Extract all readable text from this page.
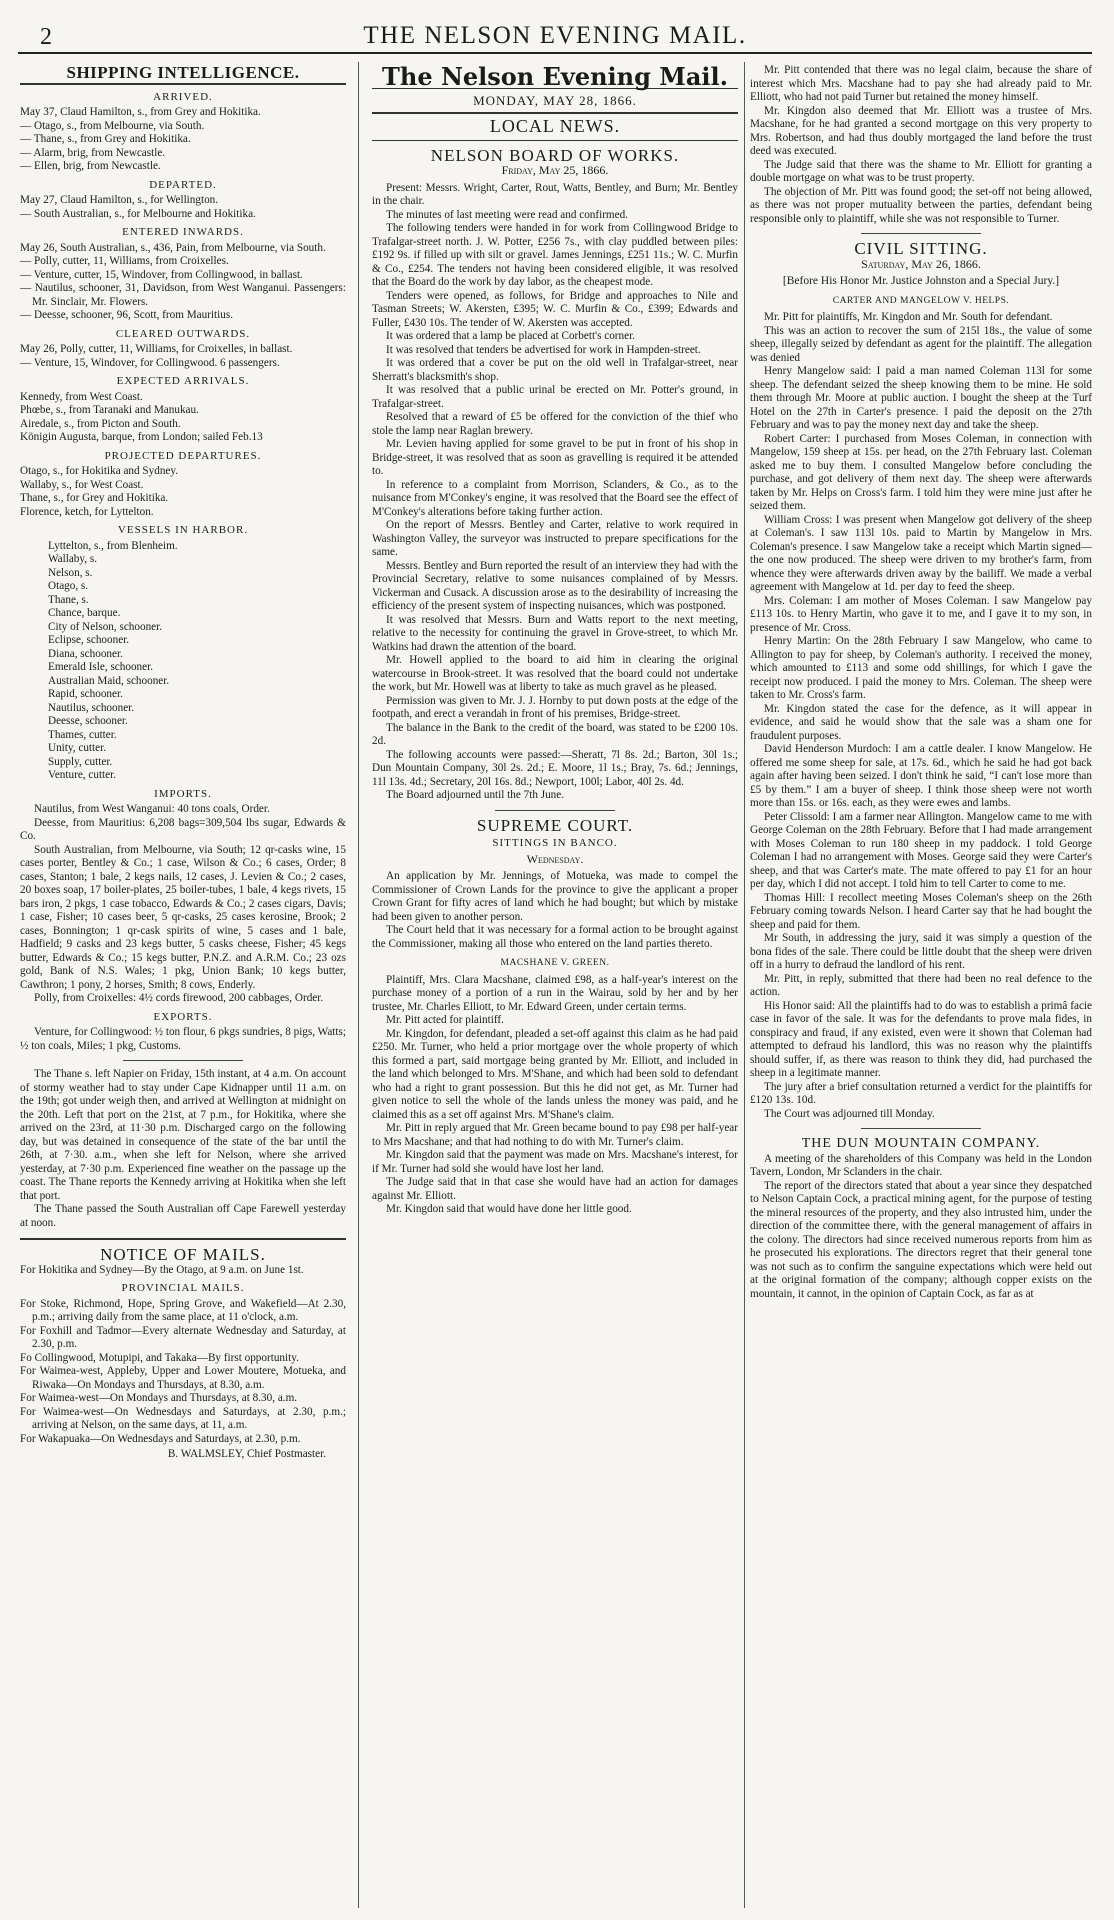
2	THE NELSON EVENING MAIL.
SHIPPING INTELLIGENCE.
ARRIVED.

May 37, Claud Hamilton, s., from Grey and Hokitika.

— Otago, s., from Melbourne, via South.

— Thane, s., from Grey and Hokitika.

— Alarm, brig, from Newcastle.

— Ellen, brig, from Newcastle.

DEPARTED.

May 27, Claud Hamilton, s., for Wellington.

— South Australian, s., for Melbourne and Hokitika.

ENTERED INWARDS.

May 26, South Australian, s., 436, Pain, from Melbourne, via South.

— Polly, cutter, 11, Williams, from Croixelles.

— Venture, cutter, 15, Windover, from Collingwood, in ballast.

— Nautilus, schooner, 31, Davidson, from West Wanganui. Passengers: Mr. Sinclair, Mr. Flowers.

— Deesse, schooner, 96, Scott, from Mauritius.

CLEARED OUTWARDS.

May 26, Polly, cutter, 11, Williams, for Croixelles, in ballast.

— Venture, 15, Windover, for Collingwood. 6 passengers.

EXPECTED ARRIVALS.

Kennedy, from West Coast.

Phœbe, s., from Taranaki and Manukau.

Airedale, s., from Picton and South.

Königin Augusta, barque, from London; sailed Feb.13

PROJECTED DEPARTURES.

Otago, s., for Hokitika and Sydney.

Wallaby, s., for West Coast.

Thane, s., for Grey and Hokitika.

Florence, ketch, for Lyttelton.

VESSELS IN HARBOR.

Lyttelton, s., from Blenheim.

Wallaby, s.

Nelson, s.

Otago, s.

Thane, s.

Chance, barque.

City of Nelson, schooner.

Eclipse, schooner.

Diana, schooner.

Emerald Isle, schooner.

Australian Maid, schooner.

Rapid, schooner.

Nautilus, schooner.

Deesse, schooner.

Thames, cutter.

Unity, cutter.

Supply, cutter.

Venture, cutter.

IMPORTS.

Nautilus, from West Wanganui: 40 tons coals, Order.

Deesse, from Mauritius: 6,208 bags=309,504 lbs sugar, Edwards & Co.

South Australian, from Melbourne, via South; 12 qr-casks wine, 15 cases porter, Bentley & Co.; 1 case, Wilson & Co.; 6 cases, Order; 8 cases, Stanton; 1 bale, 2 kegs nails, 12 cases, J. Levien & Co.; 2 cases, 20 boxes soap, 17 boiler-plates, 25 boiler-tubes, 1 bale, 4 kegs rivets, 15 bars iron, 2 pkgs, 1 case tobacco, Edwards & Co.; 2 cases cigars, Davis; 1 case, Fisher; 10 cases beer, 5 qr-casks, 25 cases kerosine, Brook; 2 cases, Bonnington; 1 qr-cask spirits of wine, 5 cases and 1 bale, Hadfield; 9 casks and 23 kegs butter, 5 casks cheese, Fisher; 45 kegs butter, Edwards & Co.; 15 kegs butter, P.N.Z. and A.R.M. Co.; 23 ozs gold, Bank of N.S. Wales; 1 pkg, Union Bank; 10 kegs butter, Cawthron; 1 pony, 2 horses, Smith; 8 cows, Enderly.

Polly, from Croixelles: 4½ cords firewood, 200 cabbages, Order.

EXPORTS.

Venture, for Collingwood: ½ ton flour, 6 pkgs sundries, 8 pigs, Watts; ½ ton coals, Miles; 1 pkg, Customs.

The Thane s. left Napier on Friday, 15th instant, at 4 a.m. On account of stormy weather had to stay under Cape Kidnapper until 11 a.m. on the 19th; got under weigh then, and arrived at Wellington at midnight on the 20th. Left that port on the 21st, at 7 p.m., for Hokitika, where she arrived on the 23rd, at 11·30 p.m. Discharged cargo on the following day, but was detained in consequence of the state of the bar until the 26th, at 7·30. a.m., when she left for Nelson, where she arrived yesterday, at 7·30 p.m. Experienced fine weather on the passage up the coast. The Thane reports the Kennedy arriving at Hokitika when she left that port.

The Thane passed the South Australian off Cape Farewell yesterday at noon.

NOTICE OF MAILS.

For Hokitika and Sydney—By the Otago, at 9 a.m. on June 1st.

PROVINCIAL MAILS.

For Stoke, Richmond, Hope, Spring Grove, and Wakefield—At 2.30, p.m.; arriving daily from the same place, at 11 o'clock, a.m.

For Foxhill and Tadmor—Every alternate Wednesday and Saturday, at 2.30, p.m.

Fo Collingwood, Motupipi, and Takaka—By first opportunity.

For Waimea-west, Appleby, Upper and Lower Moutere, Motueka, and Riwaka—On Mondays and Thursdays, at 8.30, a.m.

For Waimea-west—On Mondays and Thursdays, at 8.30, a.m.

For Waimea-west—On Wednesdays and Saturdays, at 2.30, p.m.; arriving at Nelson, on the same days, at 11, a.m.

For Wakapuaka—On Wednesdays and Saturdays, at 2.30, p.m.

B. WALMSLEY, Chief Postmaster.
The Nelson Evening Mail.
MONDAY, MAY 28, 1866.
LOCAL NEWS.
NELSON BOARD OF WORKS.
Friday, May 25, 1866.

Present: Messrs. Wright, Carter, Rout, Watts, Bentley, and Burn; Mr. Bentley in the chair.

The minutes of last meeting were read and confirmed.

The following tenders were handed in for work from Collingwood Bridge to Trafalgar-street north. J. W. Potter, £256 7s., with clay puddled between piles: £192 9s. if filled up with silt or gravel. James Jennings, £251 11s.; W. C. Murfin & Co., £254. The tenders not having been considered eligible, it was resolved that the Board do the work by day labor, as the cheapest mode.

Tenders were opened, as follows, for Bridge and approaches to Nile and Tasman Streets; W. Akersten, £395; W. C. Murfin & Co., £399; Edwards and Fuller, £430 10s. The tender of W. Akersten was accepted.

It was ordered that a lamp be placed at Corbett's corner.

It was resolved that tenders be advertised for work in Hampden-street.

It was ordered that a cover be put on the old well in Trafalgar-street, near Sherratt's blacksmith's shop.

It was resolved that a public urinal be erected on Mr. Potter's ground, in Trafalgar-street.

Resolved that a reward of £5 be offered for the conviction of the thief who stole the lamp near Raglan brewery.

Mr. Levien having applied for some gravel to be put in front of his shop in Bridge-street, it was resolved that as soon as gravelling is required it be attended to.

In reference to a complaint from Morrison, Sclanders, & Co., as to the nuisance from M'Conkey's engine, it was resolved that the Board see the effect of M'Conkey's alterations before taking further action.

On the report of Messrs. Bentley and Carter, relative to work required in Washington Valley, the surveyor was instructed to prepare specifications for the same.

Messrs. Bentley and Burn reported the result of an interview they had with the Provincial Secretary, relative to some nuisances complained of by Messrs. Vickerman and Cusack. A discussion arose as to the desirability of increasing the efficiency of the present system of inspecting nuisances, which was postponed.

It was resolved that Messrs. Burn and Watts report to the next meeting, relative to the necessity for continuing the gravel in Grove-street, to which Mr. Watkins had drawn the attention of the board.

Mr. Howell applied to the board to aid him in clearing the original watercourse in Brook-street. It was resolved that the board could not undertake the work, but Mr. Howell was at liberty to take as much gravel as he pleased.

Permission was given to Mr. J. J. Hornby to put down posts at the edge of the footpath, and erect a verandah in front of his premises, Bridge-street.

The balance in the Bank to the credit of the board, was stated to be £200 10s. 2d.

The following accounts were passed:—Sheratt, 7l 8s. 2d.; Barton, 30l 1s.; Dun Mountain Company, 30l 2s. 2d.; E. Moore, 1l 1s.; Bray, 7s. 6d.; Jennings, 11l 13s. 4d.; Secretary, 20l 16s. 8d.; Newport, 100l; Labor, 40l 2s. 4d.

The Board adjourned until the 7th June.

SUPREME COURT.
SITTINGS IN BANCO.
Wednesday.

An application by Mr. Jennings, of Motueka, was made to compel the Commissioner of Crown Lands for the province to give the applicant a proper Crown Grant for fifty acres of land which he had bought; but which by mistake had been given to another person.

The Court held that it was necessary for a formal action to be brought against the Commissioner, making all those who entered on the land parties thereto.

MACSHANE V. GREEN.

Plaintiff, Mrs. Clara Macshane, claimed £98, as a half-year's interest on the purchase money of a portion of a run in the Wairau, sold by her and by her trustee, Mr. Charles Elliott, to Mr. Edward Green, under certain terms.

Mr. Pitt acted for plaintiff.

Mr. Kingdon, for defendant, pleaded a set-off against this claim as he had paid £250. Mr. Turner, who held a prior mortgage over the whole property of which this formed a part, said mortgage being granted by Mr. Elliott, and included in the land which belonged to Mrs. M'Shane, and which had been sold to defendant who had a right to grant possession. But this he did not get, as Mr. Turner had given notice to sell the whole of the lands unless the money was paid, and he claimed this as a set off against Mrs. M'Shane's claim.

Mr. Pitt in reply argued that Mr. Green became bound to pay £98 per half-year to Mrs Macshane; and that had nothing to do with Mr. Turner's claim.

Mr. Kingdon said that the payment was made on Mrs. Macshane's interest, for if Mr. Turner had sold she would have lost her land.

The Judge said that in that case she would have had an action for damages against Mr. Elliott.

Mr. Kingdon said that would have done her little good.

Mr. Pitt contended that there was no legal claim, because the share of interest which Mrs. Macshane had to pay she had already paid to Mr. Elliott, who had not paid Turner but retained the money himself.

Mr. Kingdon also deemed that Mr. Elliott was a trustee of Mrs. Macshane, for he had granted a second mortgage on this very property to Mrs. Robertson, and had thus doubly mortgaged the land before the trust deed was executed.

The Judge said that there was the shame to Mr. Elliott for granting a double mortgage on what was to be trust property.

The objection of Mr. Pitt was found good; the set-off not being allowed, as there was not proper mutuality between the parties, defendant being responsible only to plaintiff, while she was not responsible to Turner.

CIVIL SITTING.
Saturday, May 26, 1866.
[Before His Honor Mr. Justice Johnston and a Special Jury.]
CARTER AND MANGELOW V. HELPS.

Mr. Pitt for plaintiffs, Mr. Kingdon and Mr. South for defendant.

This was an action to recover the sum of 215l 18s., the value of some sheep, illegally seized by defendant as agent for the plaintiff. The allegation was denied

Henry Mangelow said: I paid a man named Coleman 113l for some sheep. The defendant seized the sheep knowing them to be mine. He sold them through Mr. Moore at public auction. I bought the sheep at the Turf Hotel on the 27th in Carter's presence. I paid the deposit on the 27th February and was to pay the money next day and take the sheep.

Robert Carter: I purchased from Moses Coleman, in connection with Mangelow, 159 sheep at 15s. per head, on the 27th February last. Coleman asked me to buy them. I consulted Mangelow before concluding the purchase, and got delivery of them next day. The sheep were afterwards taken by Mr. Helps on Cross's farm. I told him they were mine just after he seized them.

William Cross: I was present when Mangelow got delivery of the sheep at Coleman's. I saw 113l 10s. paid to Martin by Mangelow in Mrs. Coleman's presence. I saw Mangelow take a receipt which Martin signed—the one now produced. The sheep were driven to my brother's farm, from whence they were afterwards driven away by the bailiff. We made a verbal agreement with Mangelow at 1d. per day to feed the sheep.

Mrs. Coleman: I am mother of Moses Coleman. I saw Mangelow pay £113 10s. to Henry Martin, who gave it to me, and I gave it to my son, in presence of Mr. Cross.

Henry Martin: On the 28th February I saw Mangelow, who came to Allington to pay for sheep, by Coleman's authority. I received the money, which amounted to £113 and some odd shillings, for which I gave the receipt now produced. I paid the money to Mrs. Coleman. The sheep were taken to Mr. Cross's farm.

Mr. Kingdon stated the case for the defence, as it will appear in evidence, and said he would show that the sale was a sham one for fraudulent purposes.

David Henderson Murdoch: I am a cattle dealer. I know Mangelow. He offered me some sheep for sale, at 17s. 6d., which he said he had got back again after having been seized. I don't think he said, “I can't lose more than £5 by them.” I am a buyer of sheep. I think those sheep were not worth more than 15s. or 16s. each, as they were ewes and lambs.

Peter Clissold: I am a farmer near Allington. Mangelow came to me with George Coleman on the 28th February. Before that I had made arrangement with Moses Coleman to run 180 sheep in my paddock. I told George Coleman I had no arrangement with Moses. George said they were Carter's sheep, and that was Carter's mate. The mate offered to pay £1 for an hour per day, which I did not accept. I told him to tell Carter to come to me.

Thomas Hill: I recollect meeting Moses Coleman's sheep on the 26th February coming towards Nelson. I heard Carter say that he had bought the sheep and paid for them.

Mr South, in addressing the jury, said it was simply a question of the bona fides of the sale. There could be little doubt that the sheep were driven off in a hurry to defraud the landlord of his rent.

Mr. Pitt, in reply, submitted that there had been no real defence to the action.

His Honor said: All the plaintiffs had to do was to establish a primâ facie case in favor of the sale. It was for the defendants to prove mala fides, in conspiracy and fraud, if any existed, even were it shown that Coleman had attempted to defraud his landlord, this was no reason why the plaintiffs should suffer, if, as there was reason to think they did, had purchased the sheep in a legitimate manner.

The jury after a brief consultation returned a verdict for the plaintiffs for £120 13s. 10d.

The Court was adjourned till Monday.

THE DUN MOUNTAIN COMPANY.

A meeting of the shareholders of this Company was held in the London Tavern, London, Mr Sclanders in the chair.

The report of the directors stated that about a year since they despatched to Nelson Captain Cock, a practical mining agent, for the purpose of testing the mineral resources of the property, and they also intrusted him, under the direction of the committee there, with the general management of affairs in the colony. The directors had since received numerous reports from him as he prosecuted his explorations. The directors regret that their general tone was not such as to confirm the sanguine expectations which were held out at the original formation of the company; although copper exists on the mountain, it cannot, in the opinion of Captain Cock, as far as at
